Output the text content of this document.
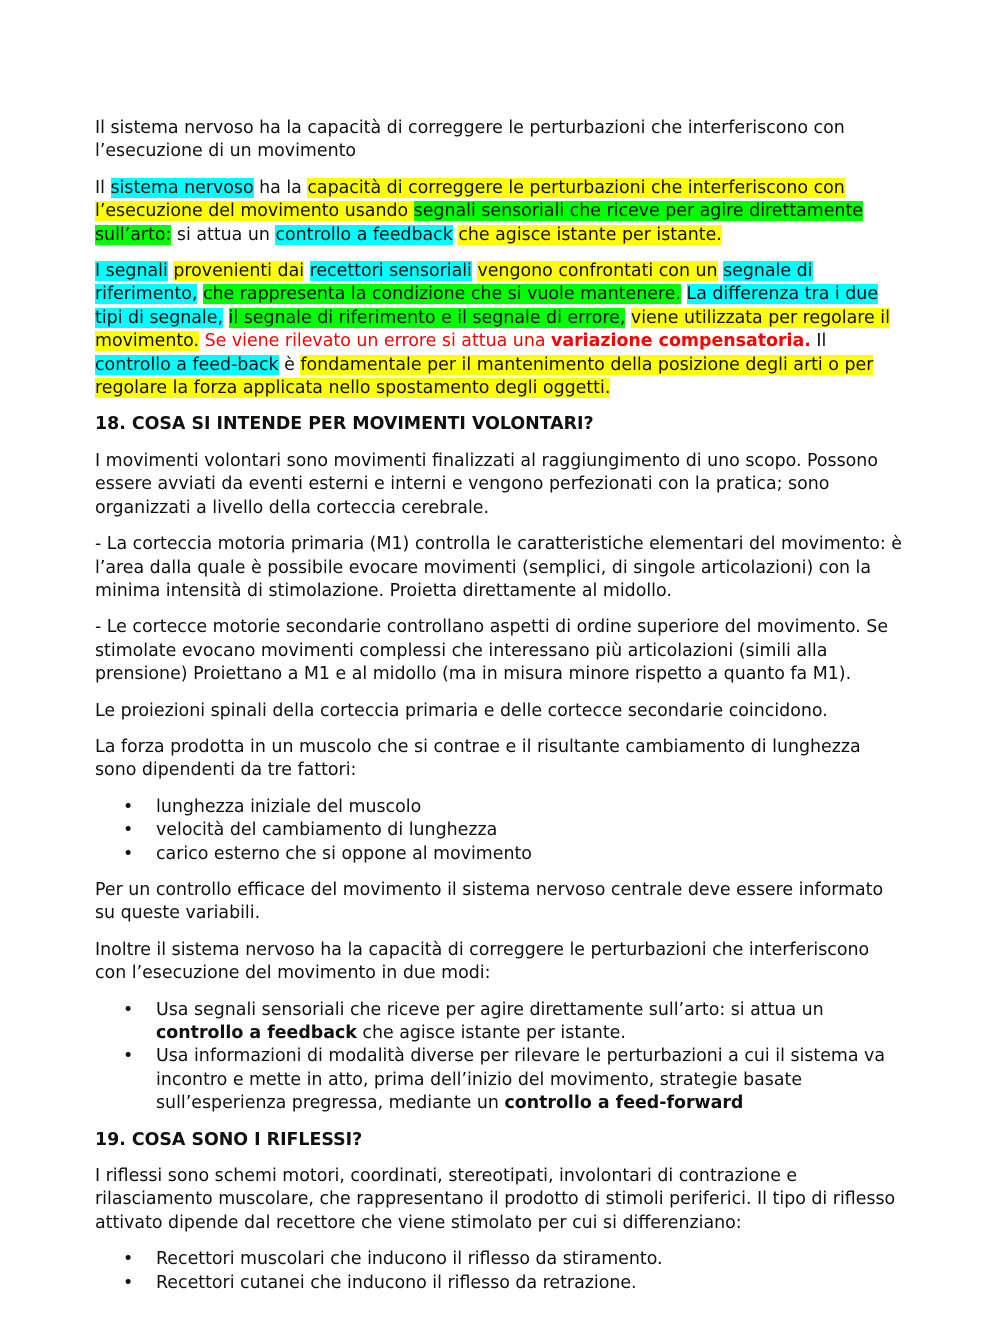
Il sistema nervoso ha la capacità di correggere le perturbazioni che interferiscono con l’esecuzione di un movimento

Il sistema nervoso ha la capacità di correggere le perturbazioni che interferiscono con l’esecuzione del movimento usando segnali sensoriali che riceve per agire direttamente sull’arto: si attua un controllo a feedback che agisce istante per istante.

I segnali provenienti dai recettori sensoriali vengono confrontati con un segnale di riferimento, che rappresenta la condizione che si vuole mantenere. La differenza tra i due tipi di segnale, il segnale di riferimento e il segnale di errore, viene utilizzata per regolare il movimento. Se viene rilevato un errore si attua una variazione compensatoria. Il controllo a feed-back è fondamentale per il mantenimento della posizione degli arti o per regolare la forza applicata nello spostamento degli oggetti.

18. COSA SI INTENDE PER MOVIMENTI VOLONTARI?

I movimenti volontari sono movimenti finalizzati al raggiungimento di uno scopo. Possono essere avviati da eventi esterni e interni e vengono perfezionati con la pratica; sono organizzati a livello della corteccia cerebrale.

- La corteccia motoria primaria (M1) controlla le caratteristiche elementari del movimento: è l’area dalla quale è possibile evocare movimenti (semplici, di singole articolazioni) con la minima intensità di stimolazione. Proietta direttamente al midollo.

- Le cortecce motorie secondarie controllano aspetti di ordine superiore del movimento. Se stimolate evocano movimenti complessi che interessano più articolazioni (simili alla prensione) Proiettano a M1 e al midollo (ma in misura minore rispetto a quanto fa M1).

Le proiezioni spinali della corteccia primaria e delle cortecce secondarie coincidono.

La forza prodotta in un muscolo che si contrae e il risultante cambiamento di lunghezza sono dipendenti da tre fattori:

• lunghezza iniziale del muscolo
• velocità del cambiamento di lunghezza
• carico esterno che si oppone al movimento

Per un controllo efficace del movimento il sistema nervoso centrale deve essere informato su queste variabili.

Inoltre il sistema nervoso ha la capacità di correggere le perturbazioni che interferiscono con l’esecuzione del movimento in due modi:

• Usa segnali sensoriali che riceve per agire direttamente sull’arto: si attua un controllo a feedback che agisce istante per istante.
• Usa informazioni di modalità diverse per rilevare le perturbazioni a cui il sistema va incontro e mette in atto, prima dell’inizio del movimento, strategie basate sull’esperienza pregressa, mediante un controllo a feed-forward
19. COSA SONO I RIFLESSI?

I riflessi sono schemi motori, coordinati, stereotipati, involontari di contrazione e rilasciamento muscolare, che rappresentano il prodotto di stimoli periferici. Il tipo di riflesso attivato dipende dal recettore che viene stimolato per cui si differenziano:

• Recettori muscolari che inducono il riflesso da stiramento.
• Recettori cutanei che inducono il riflesso da retrazione.
